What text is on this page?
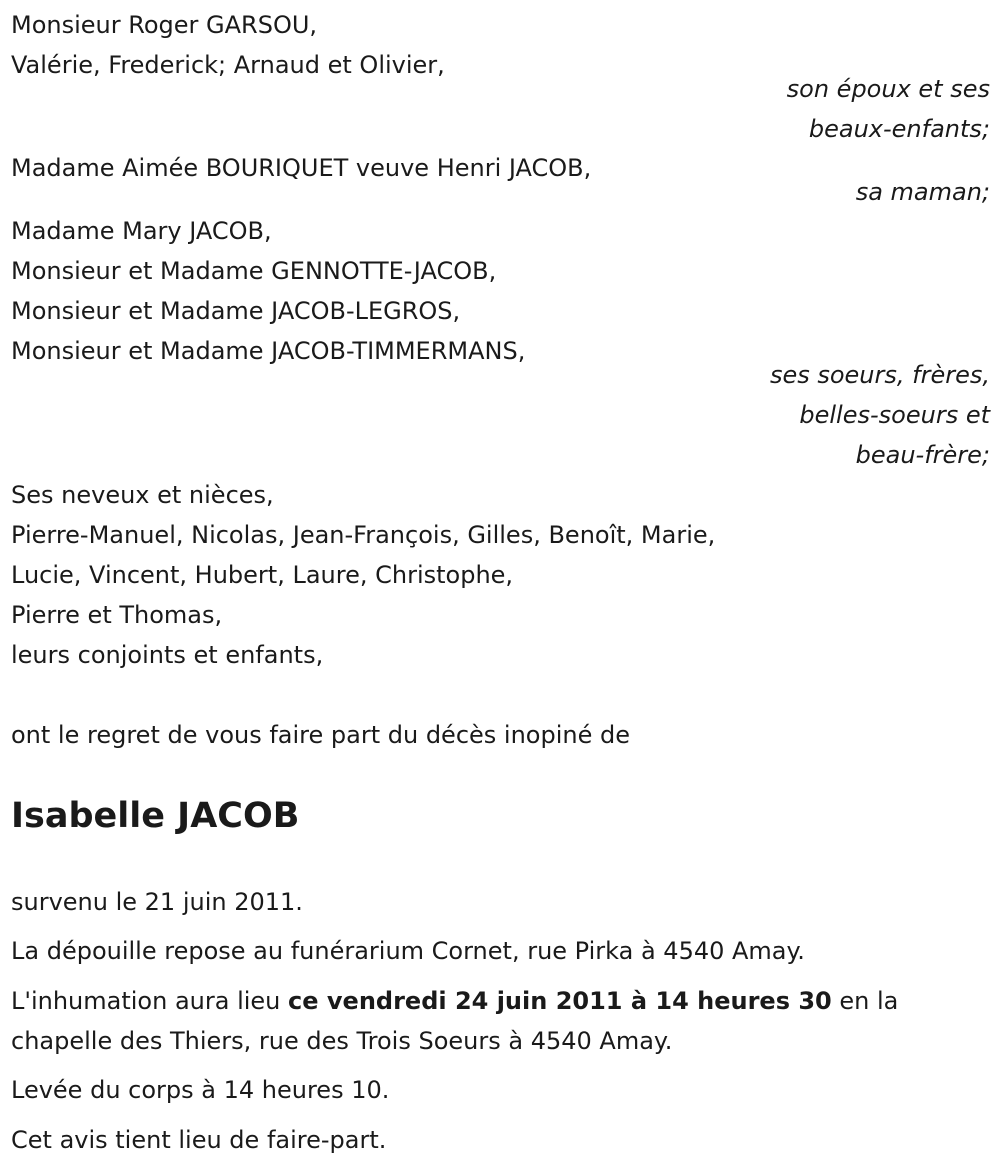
Monsieur Roger GARSOU,
Valérie, Frederick; Arnaud et Olivier,
son époux et ses
beaux-enfants;
Madame Aimée BOURIQUET veuve Henri JACOB,
sa maman;
Madame Mary JACOB,
Monsieur et Madame GENNOTTE-JACOB,
Monsieur et Madame JACOB-LEGROS,
Monsieur et Madame JACOB-TIMMERMANS,
ses soeurs, frères,
belles-soeurs et
beau-frère;
Ses neveux et nièces,
Pierre-Manuel, Nicolas, Jean-François, Gilles, Benoît, Marie,
Lucie, Vincent, Hubert, Laure, Christophe,
Pierre et Thomas,
leurs conjoints et enfants,
ont le regret de vous faire part du décès inopiné de
Isabelle JACOB
survenu le 21 juin 2011.
La dépouille repose au funérarium Cornet, rue Pirka à 4540 Amay.
L'inhumation aura lieu ce vendredi 24 juin 2011 à 14 heures 30 en la
chapelle des Thiers, rue des Trois Soeurs à 4540 Amay.
Levée du corps à 14 heures 10.
Cet avis tient lieu de faire-part.
